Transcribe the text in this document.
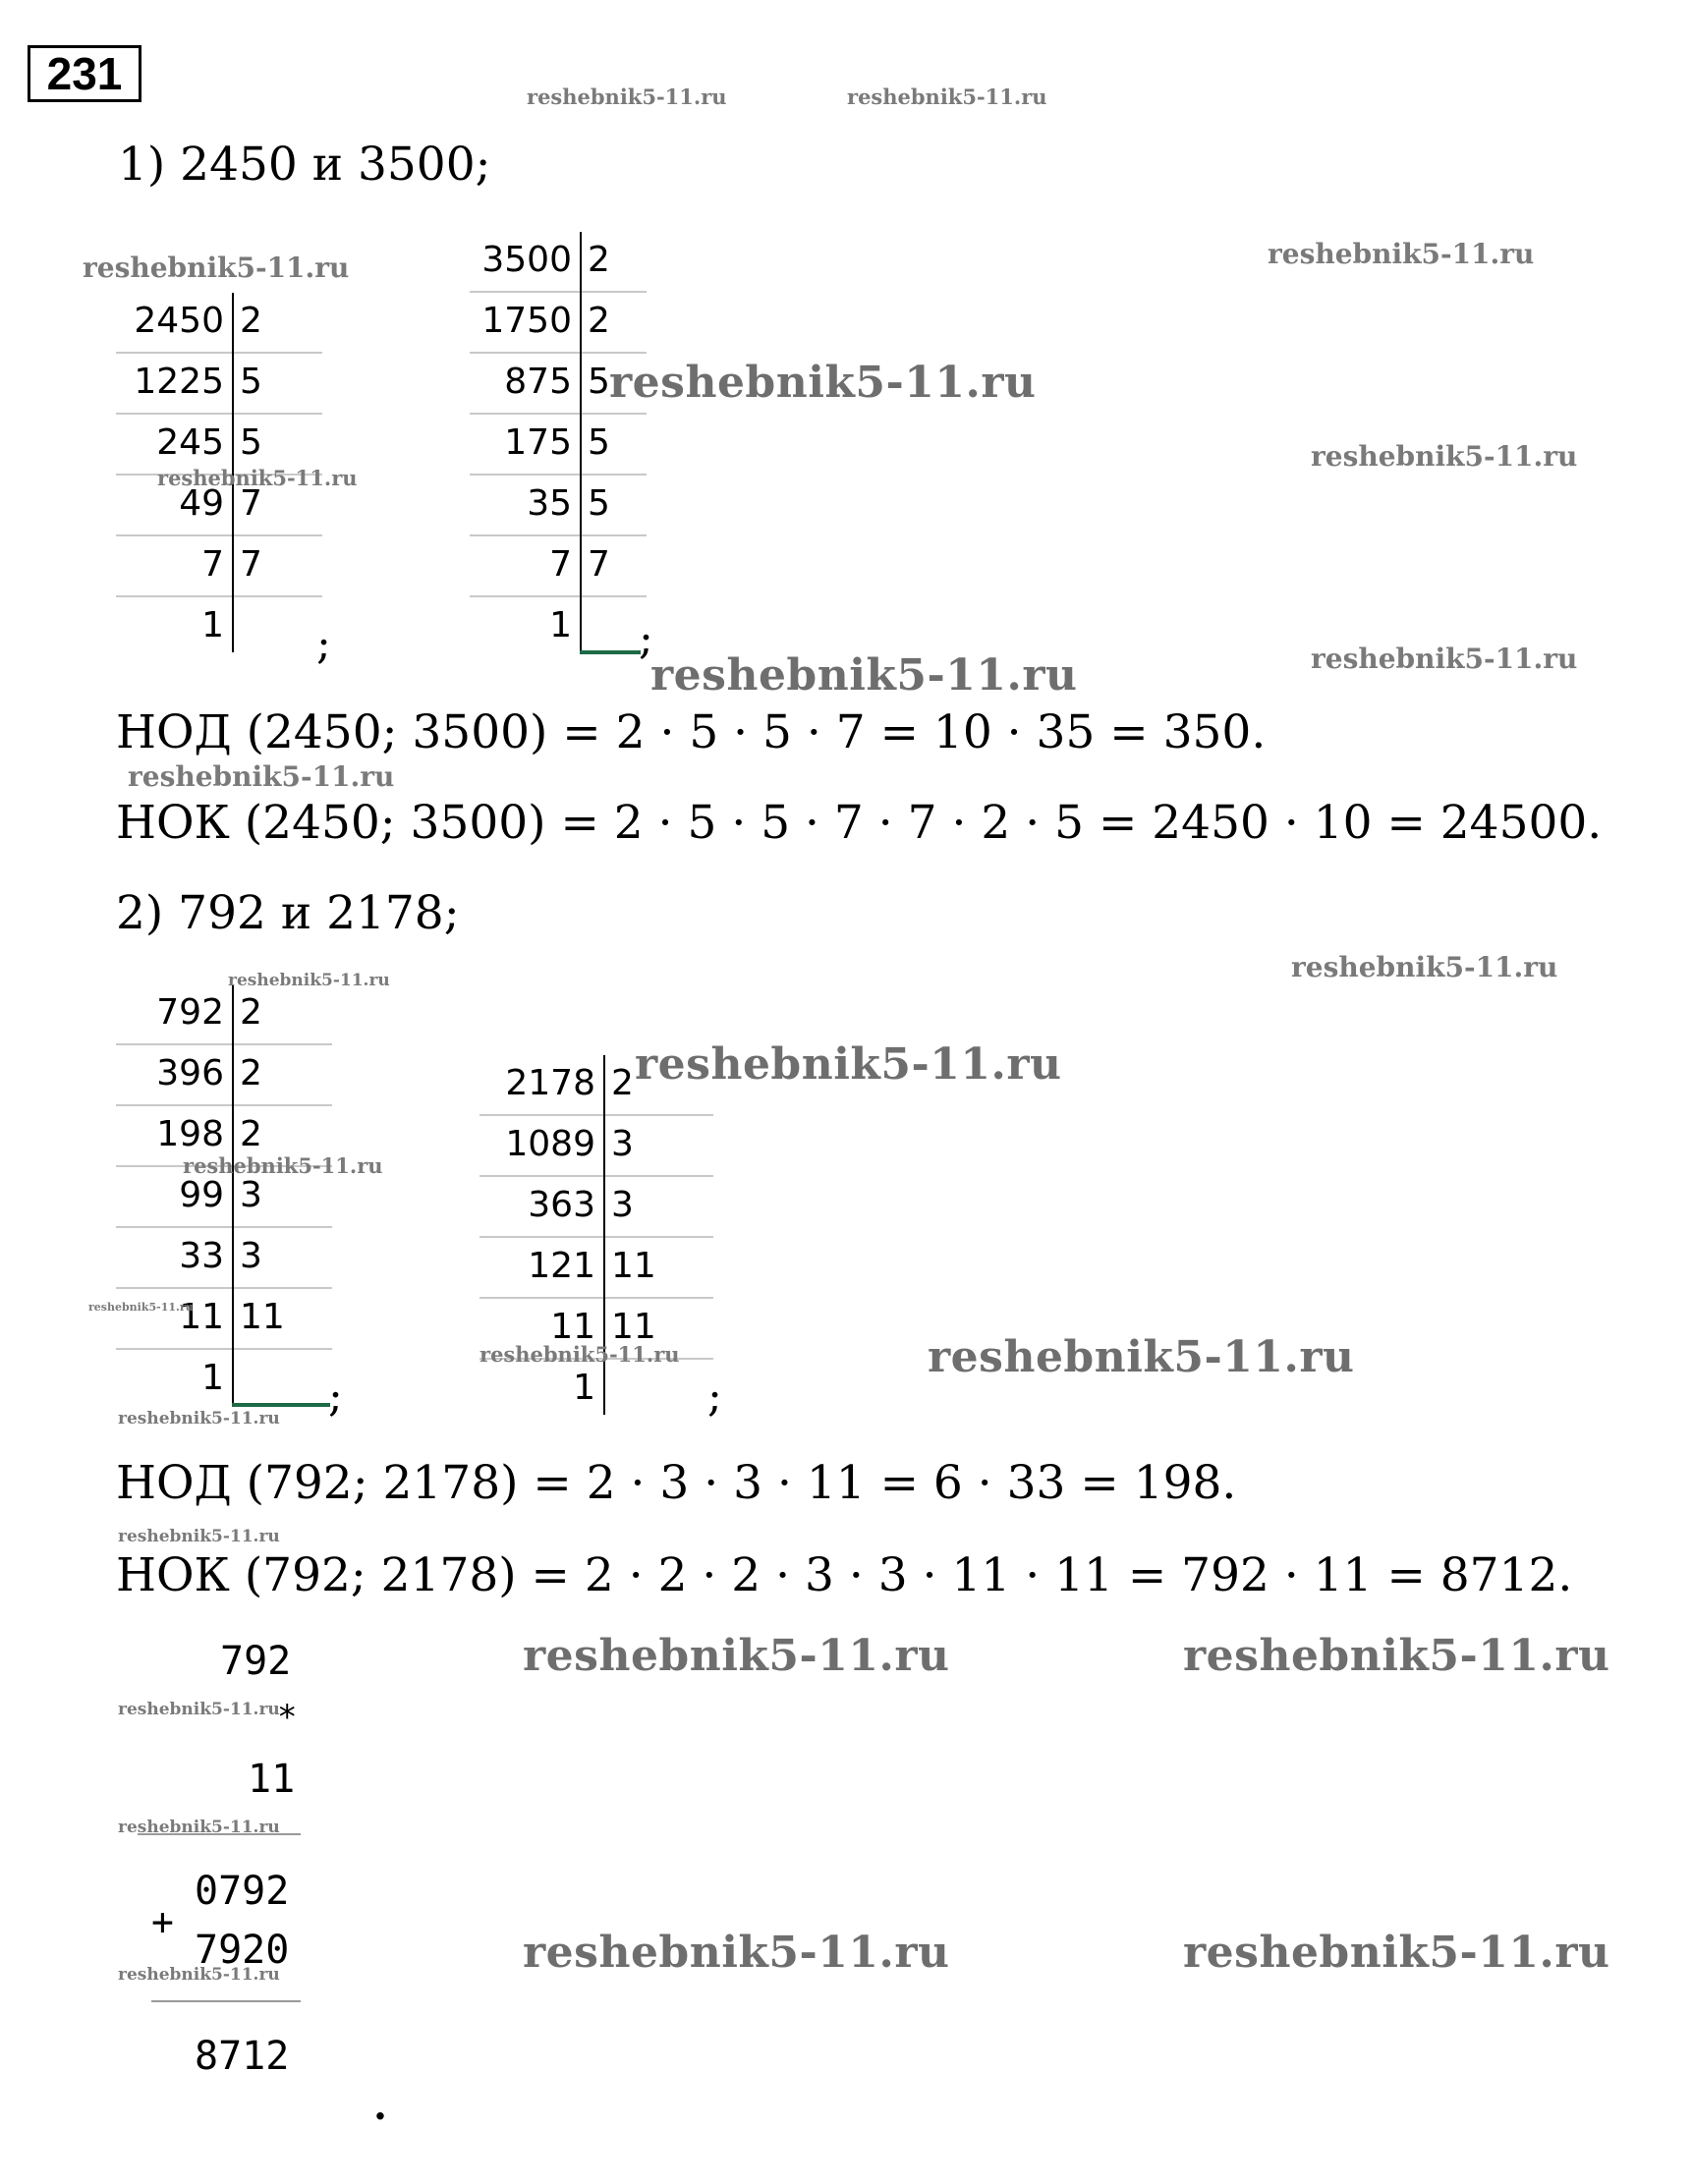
231
1) 2450 и 3500;
2450 2
1225 5
245 5
49 7
7 7
1
3500 2
1750 2
875 5
175 5
35 5
7 7
1
;	;
НОД (2450; 3500) = 2 · 5 · 5 · 7 = 10 · 35 = 350.
НОК (2450; 3500) = 2 · 5 · 5 · 7 · 7 · 2 · 5 = 2450 · 10 = 24500.
2) 792 и 2178;
792 2
396 2
198 2
99 3
33 3
11 11
1
2178 2
1089 3
363 3
121 11
11 11
1
;	;
НОД (792; 2178) = 2 · 3 · 3 · 11 = 6 · 33 = 198.
НОК (792; 2178) = 2 · 2 · 2 · 3 · 3 · 11 · 11 = 792 · 11 = 8712.
792
*
11
0792
+
7920
8712
.
reshebnik5-11.ru	reshebnik5-11.ru
reshebnik5-11.ru	reshebnik5-11.ru
reshebnik5-11.ru
reshebnik5-11.ru
reshebnik5-11.ru
reshebnik5-11.ru	reshebnik5-11.ru
reshebnik5-11.ru
reshebnik5-11.ru
reshebnik5-11.ru
reshebnik5-11.ru
reshebnik5-11.ru
reshebnik5-11.ru
reshebnik5-11.ru
reshebnik5-11.ru
reshebnik5-11.ru
reshebnik5-11.ru
reshebnik5-11.ru	reshebnik5-11.ru
reshebnik5-11.ru
reshebnik5-11.ru
reshebnik5-11.ru	reshebnik5-11.ru
reshebnik5-11.ru
